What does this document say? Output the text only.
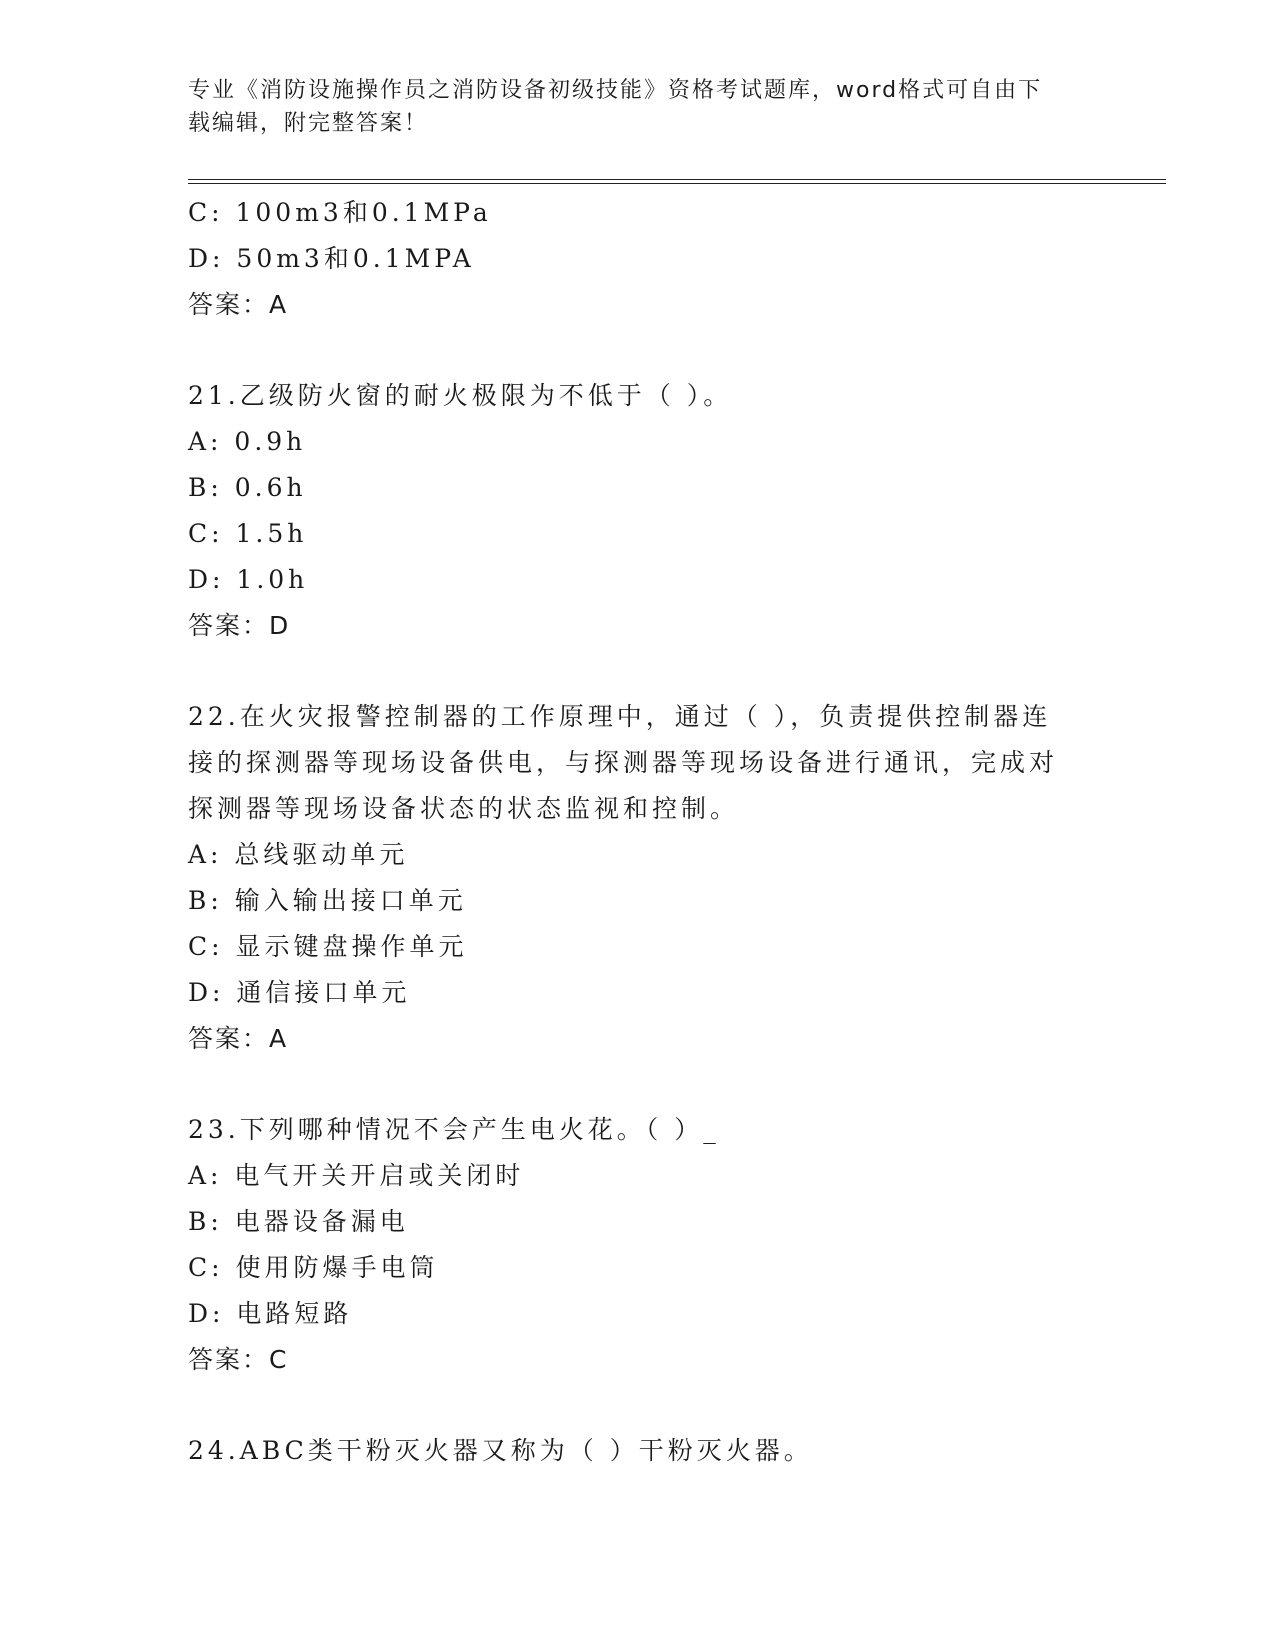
专业《消防设施操作员之消防设备初级技能》资格考试题库，word格式可自由下
载编辑，附完整答案！
C: 100m3和0.1MPa
D: 50m3和0.1MPA
答案：A
21.乙级防火窗的耐火极限为不低于（ ）。
A: 0.9h
B: 0.6h
C: 1.5h
D: 1.0h
答案：D
22.在火灾报警控制器的工作原理中，通过（ ），负责提供控制器连
接的探测器等现场设备供电，与探测器等现场设备进行通讯，完成对
探测器等现场设备状态的状态监视和控制。
A: 总线驱动单元
B: 输入输出接口单元
C: 显示键盘操作单元
D: 通信接口单元
答案：A
23.下列哪种情况不会产生电火花。（ ）_
A: 电气开关开启或关闭时
B: 电器设备漏电
C: 使用防爆手电筒
D: 电路短路
答案：C
24.ABC类干粉灭火器又称为（ ）干粉灭火器。
